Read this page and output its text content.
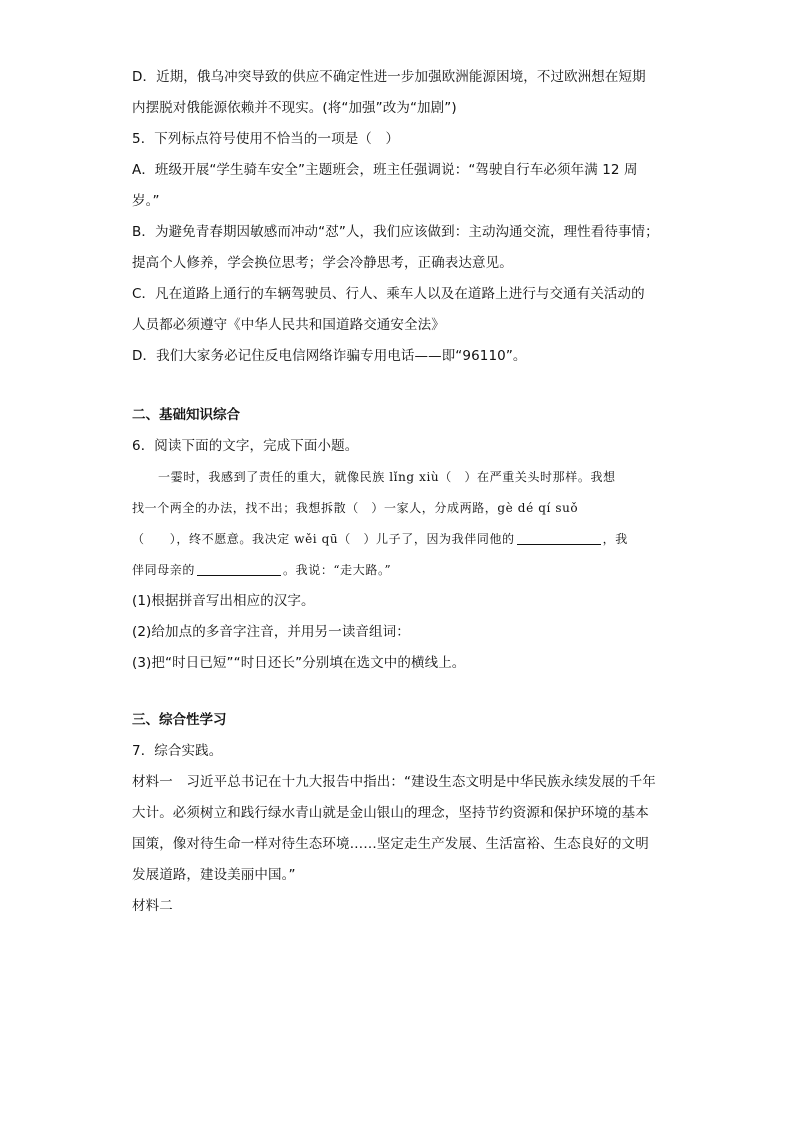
D．近期，俄乌冲突导致的供应不确定性进一步加强欧洲能源困境，不过欧洲想在短期
内摆脱对俄能源依赖并不现实。(将“加强”改为“加剧”)
5．下列标点符号使用不恰当的一项是（　）
A．班级开展“学生骑车安全”主题班会，班主任强调说：“驾驶自行车必须年满 12 周
岁。”
B．为避免青春期因敏感而冲动“怼”人，我们应该做到：主动沟通交流，理性看待事情；
提高个人修养，学会换位思考；学会冷静思考，正确表达意见。
C．凡在道路上通行的车辆驾驶员、行人、乘车人以及在道路上进行与交通有关活动的
人员都必须遵守《中华人民共和国道路交通安全法》
D．我们大家务必记住反电信网络诈骗专用电话——即“96110”。
二、基础知识综合
6．阅读下面的文字，完成下面小题。
一霎时，我感到了责任的重大，就像民族 lǐng xiù（　）在严重关头时那样。我想
找一个两全的办法，找不出；我想拆散（　）一家人，分成两路，gè dé qí suǒ
（　　），终不愿意。我决定 wěi qū（　）儿子了，因为我伴同他的	，我
伴同母亲的	。我说：“走大路。”
(1)根据拼音写出相应的汉字。
(2)给加点的多音字注音，并用另一读音组词：
(3)把“时日已短”“时日还长”分别填在选文中的横线上。
三、综合性学习
7．综合实践。
材料一　习近平总书记在十九大报告中指出：“建设生态文明是中华民族永续发展的千年
大计。必须树立和践行绿水青山就是金山银山的理念，坚持节约资源和保护环境的基本
国策，像对待生命一样对待生态环境……坚定走生产发展、生活富裕、生态良好的文明
发展道路，建设美丽中国。”
材料二
